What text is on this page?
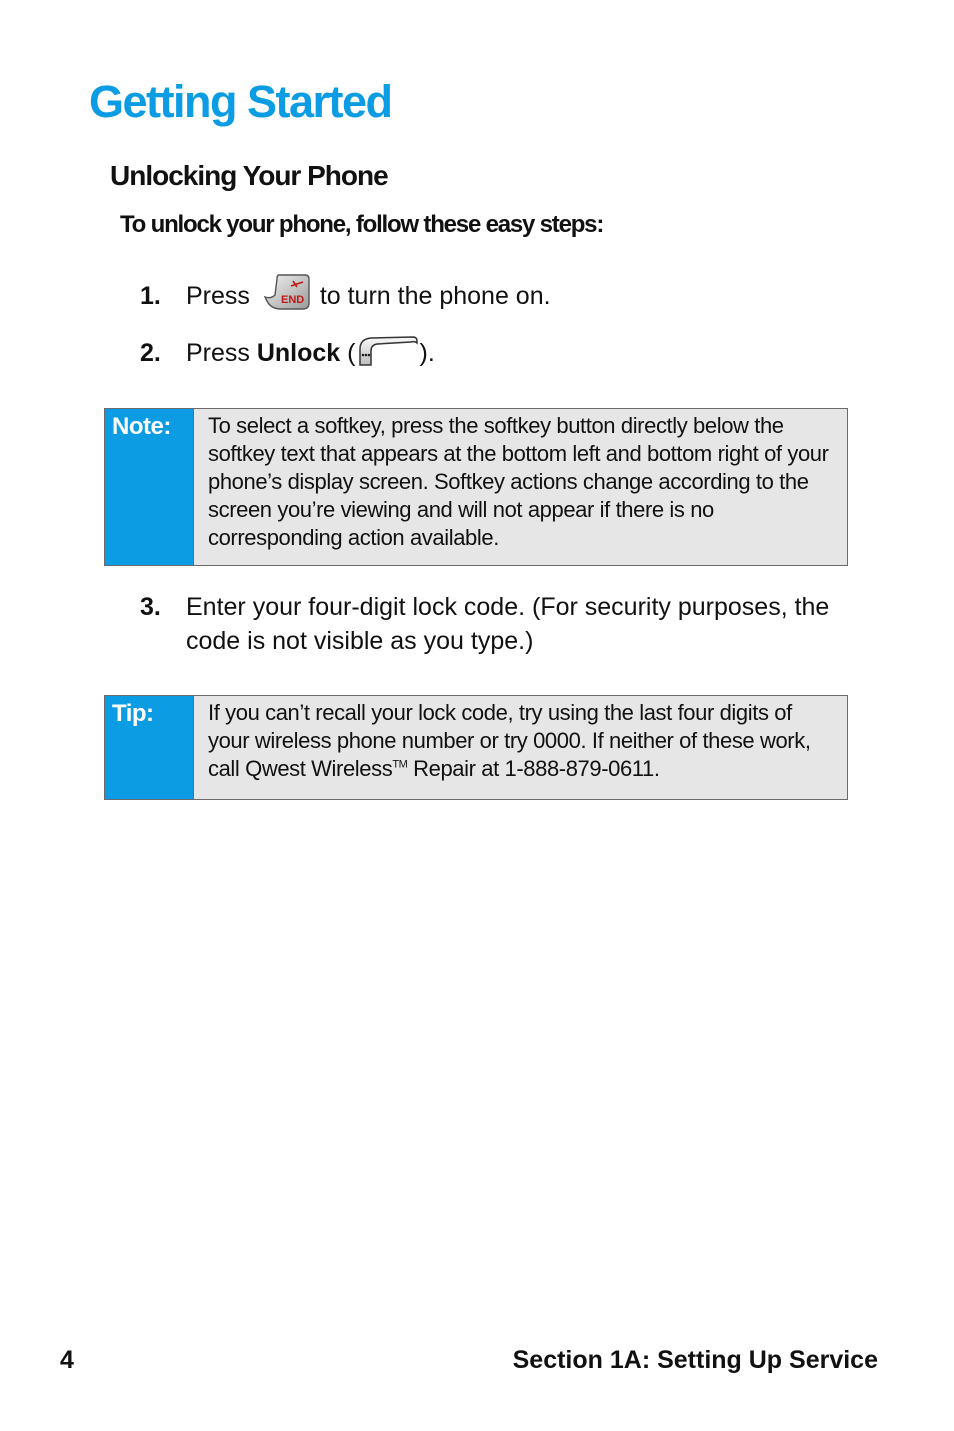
Getting Started
Unlocking Your Phone

To unlock your phone, follow these easy steps:

1. Press	END to turn the phone on.
2. Press Unlock (	).
Note:	To select a softkey, press the softkey button directly below the softkey text that appears at the bottom left and bottom right of your phone’s display screen. Softkey actions change according to the screen you’re viewing and will not appear if there is no corresponding action available.
3. Enter your four-digit lock code. (For security purposes, the code is not visible as you type.)
Tip:	If you can’t recall your lock code, try using the last four digits of your wireless phone number or try 0000. If neither of these work, call Qwest Wireless™ Repair at 1-888-879-0611.
4	Section 1A: Setting Up Service
